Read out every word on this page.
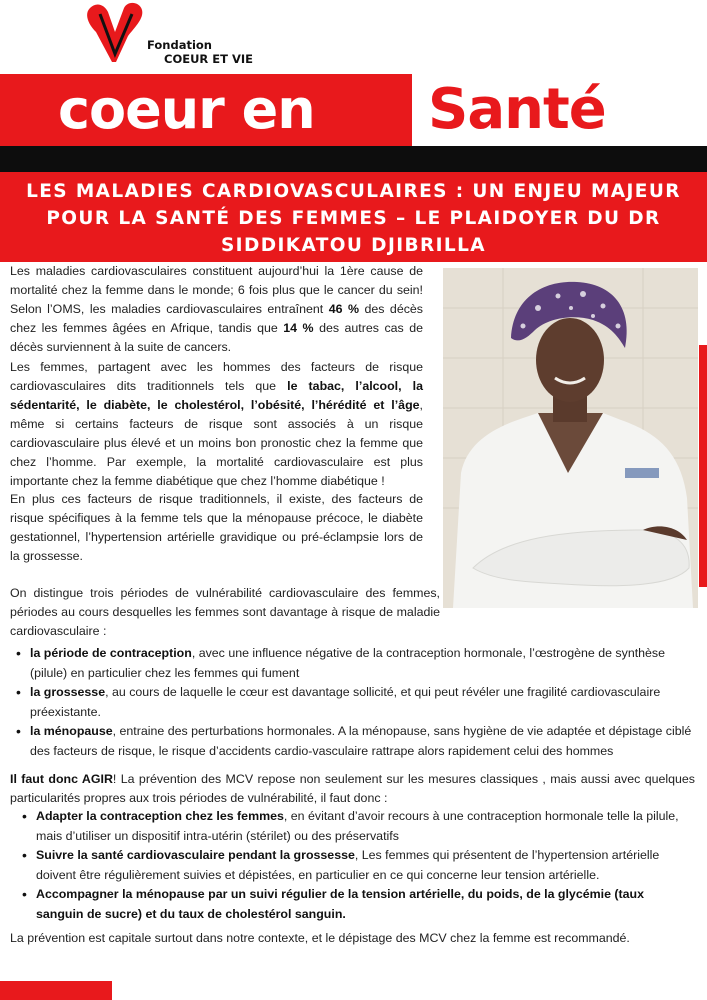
Fondation
COEUR ET VIE
coeur en Santé
LES MALADIES CARDIOVASCULAIRES : UN ENJEU MAJEUR POUR LA SANTÉ DES FEMMES – LE PLAIDOYER DU DR SIDDIKATOU DJIBRILLA

Les maladies cardiovasculaires constituent aujourd’hui la 1ère cause de mortalité chez la femme dans le monde; 6 fois plus que le cancer du sein! Selon l’OMS, les maladies cardiovasculaires entraînent 46 % des décès chez les femmes âgées en Afrique, tandis que 14 % des autres cas de décès surviennent à la suite de cancers.

Les femmes, partagent avec les hommes des facteurs de risque cardiovasculaires dits traditionnels tels que le tabac, l’alcool, la sédentarité, le diabète, le cholestérol, l’obésité, l’hérédité et l’âge, même si certains facteurs de risque sont associés à un risque cardiovasculaire plus élevé et un moins bon pronostic chez la femme que chez l’homme. Par exemple, la mortalité cardiovasculaire est plus importante chez la femme diabétique que chez l’homme diabétique !

En plus ces facteurs de risque traditionnels, il existe, des facteurs de risque spécifiques à la femme tels que la ménopause précoce, le diabète gestationnel, l’hypertension artérielle gravidique ou pré-éclampsie lors de la grossesse.

On distingue trois périodes de vulnérabilité cardiovasculaire des femmes, périodes au cours desquelles les femmes sont davantage à risque de maladie cardiovasculaire :

• la période de contraception, avec une influence négative de la contraception hormonale, l’œstrogène de synthèse (pilule) en particulier chez les femmes qui fument
• la grossesse, au cours de laquelle le cœur est davantage sollicité, et qui peut révéler une fragilité cardiovasculaire préexistante.
• la ménopause, entraine des perturbations hormonales. A la ménopause, sans hygiène de vie adaptée et dépistage ciblé des facteurs de risque, le risque d’accidents cardio-vasculaire rattrape alors rapidement celui des hommes

Il faut donc AGIR! La prévention des MCV repose non seulement sur les mesures classiques , mais aussi avec quelques particularités propres aux trois périodes de vulnérabilité, il faut donc :

• Adapter la contraception chez les femmes, en évitant d’avoir recours à une contraception hormonale telle la pilule, mais d’utiliser un dispositif intra-utérin (stérilet) ou des préservatifs
• Suivre la santé cardiovasculaire pendant la grossesse, Les femmes qui présentent de l’hypertension artérielle doivent être régulièrement suivies et dépistées, en particulier en ce qui concerne leur tension artérielle.
• Accompagner la ménopause par un suivi régulier de la tension artérielle, du poids, de la glycémie (taux sanguin de sucre) et du taux de cholestérol sanguin.

La prévention est capitale surtout dans notre contexte, et le dépistage des MCV chez la femme est recommandé.
